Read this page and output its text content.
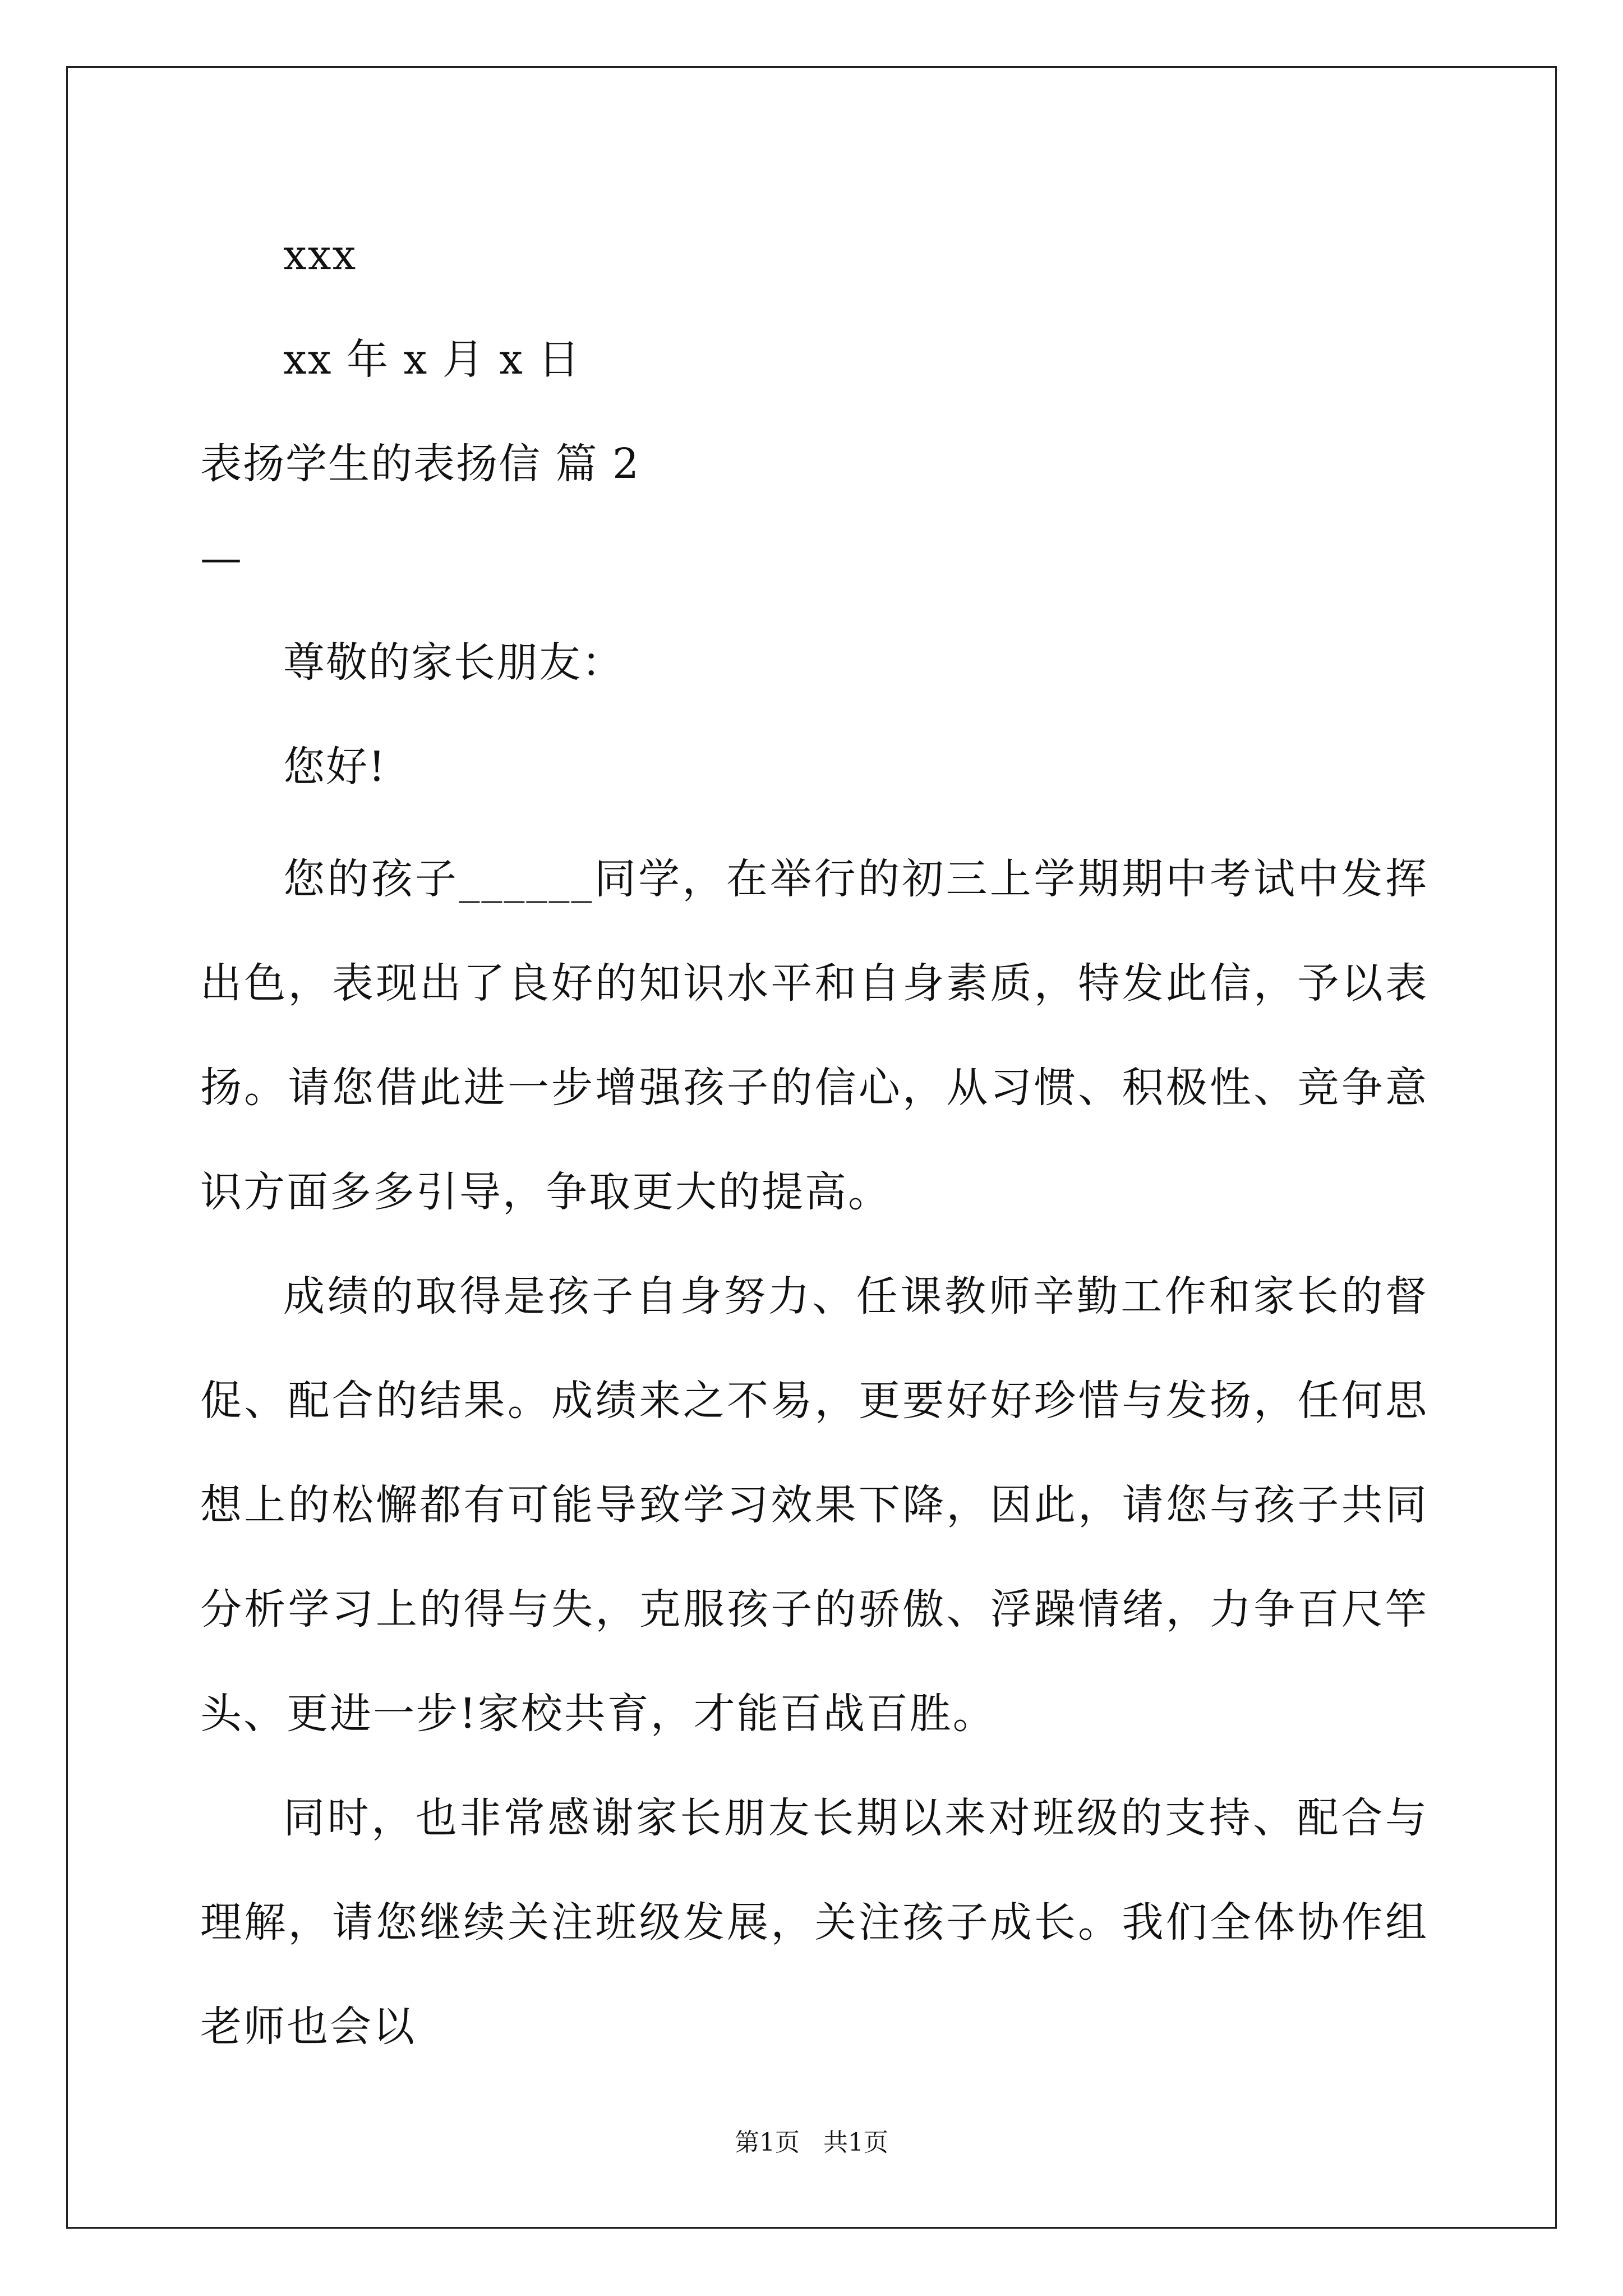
xxx
xx 年 x 月 x 日
表扬学生的表扬信 篇 2
—
尊敬的家长朋友：
您好!

您的孩子______同学，在举行的初三上学期期中考试中发挥出色，表现出了良好的知识水平和自身素质，特发此信，予以表扬。请您借此进一步增强孩子的信心，从习惯、积极性、竞争意识方面多多引导，争取更大的提高。

成绩的取得是孩子自身努力、任课教师辛勤工作和家长的督促、配合的结果。成绩来之不易，更要好好珍惜与发扬，任何思想上的松懈都有可能导致学习效果下降，因此，请您与孩子共同分析学习上的得与失，克服孩子的骄傲、浮躁情绪，力争百尺竿头、更进一步!家校共育，才能百战百胜。

同时，也非常感谢家长朋友长期以来对班级的支持、配合与理解，请您继续关注班级发展，关注孩子成长。我们全体协作组老师也会以

第1页   共1页
